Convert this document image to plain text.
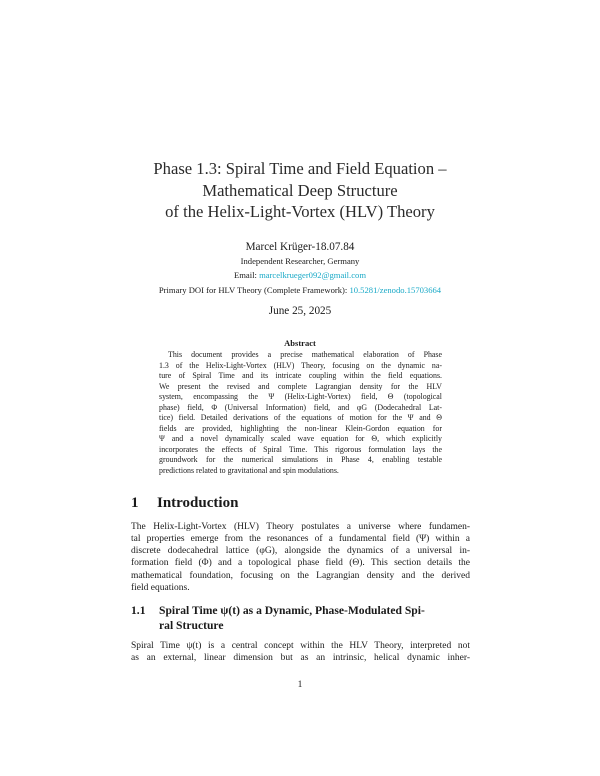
Phase 1.3: Spiral Time and Field Equation –
Mathematical Deep Structure
of the Helix-Light-Vortex (HLV) Theory
Marcel Krüger-18.07.84
Independent Researcher, Germany
Email: marcelkrueger092@gmail.com
Primary DOI for HLV Theory (Complete Framework): 10.5281/zenodo.15703664
June 25, 2025
Abstract
This document provides a precise mathematical elaboration of Phase
1.3 of the Helix-Light-Vortex (HLV) Theory, focusing on the dynamic na-
ture of Spiral Time and its intricate coupling within the field equations.
We present the revised and complete Lagrangian density for the HLV
system, encompassing the Ψ (Helix-Light-Vortex) field, Θ (topological
phase) field, Φ (Universal Information) field, and φG (Dodecahedral Lat-
tice) field. Detailed derivations of the equations of motion for the Ψ and Θ
fields are provided, highlighting the non-linear Klein-Gordon equation for
Ψ and a novel dynamically scaled wave equation for Θ, which explicitly
incorporates the effects of Spiral Time. This rigorous formulation lays the
groundwork for the numerical simulations in Phase 4, enabling testable
predictions related to gravitational and spin modulations.
1 Introduction
The Helix-Light-Vortex (HLV) Theory postulates a universe where fundamen-
tal properties emerge from the resonances of a fundamental field (Ψ) within a
discrete dodecahedral lattice (φG), alongside the dynamics of a universal in-
formation field (Φ) and a topological phase field (Θ). This section details the
mathematical foundation, focusing on the Lagrangian density and the derived
field equations.
1.1	Spiral Time ψ(t) as a Dynamic, Phase-Modulated Spi-
ral Structure
Spiral Time ψ(t) is a central concept within the HLV Theory, interpreted not
as an external, linear dimension but as an intrinsic, helical dynamic inher-
1
